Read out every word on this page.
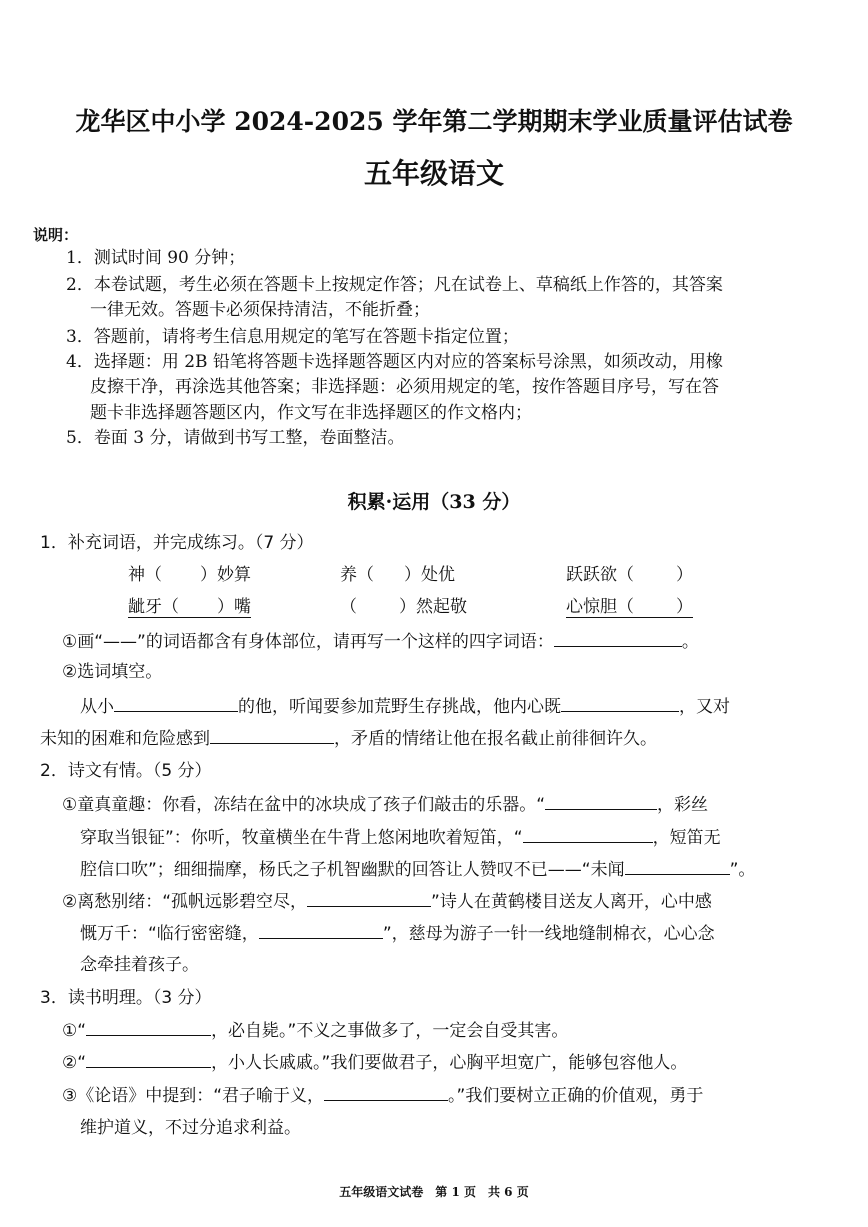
龙华区中小学 2024-2025 学年第二学期期末学业质量评估试卷
五年级语文
说明：
1．测试时间 90 分钟；
2．本卷试题，考生必须在答题卡上按规定作答；凡在试卷上、草稿纸上作答的，其答案
一律无效。答题卡必须保持清洁，不能折叠；
3．答题前，请将考生信息用规定的笔写在答题卡指定位置；
4．选择题：用 2B 铅笔将答题卡选择题答题区内对应的答案标号涂黑，如须改动，用橡
皮擦干净，再涂选其他答案；非选择题：必须用规定的笔，按作答题目序号，写在答
题卡非选择题答题区内，作文写在非选择题区的作文格内；
5．卷面 3 分，请做到书写工整，卷面整洁。
积累·运用（33 分）
1．补充词语，并完成练习。（7 分）
神（ ）妙算	养（ ）处优	跃跃欲（ ）
龇牙（ ）嘴	（ ）然起敬	心惊胆（ ）
①画“——”的词语都含有身体部位，请再写一个这样的四字词语：	。
②选词填空。
从小	的他，听闻要参加荒野生存挑战，他内心既	，又对
未知的困难和危险感到	，矛盾的情绪让他在报名截止前徘徊许久。
2．诗文有情。（5 分）
①童真童趣：你看，冻结在盆中的冰块成了孩子们敲击的乐器。“	，彩丝
穿取当银钲”：你听，牧童横坐在牛背上悠闲地吹着短笛，“	，短笛无
腔信口吹”；细细揣摩，杨氏之子机智幽默的回答让人赞叹不已——“未闻	”。
②离愁别绪：“孤帆远影碧空尽，	”诗人在黄鹤楼目送友人离开，心中感
慨万千：“临行密密缝，	”，慈母为游子一针一线地缝制棉衣，心心念
念牵挂着孩子。
3．读书明理。（3 分）
①“	，必自毙。”不义之事做多了，一定会自受其害。
②“	，小人长戚戚。”我们要做君子，心胸平坦宽广，能够包容他人。
③《论语》中提到：“君子喻于义，	。”我们要树立正确的价值观，勇于
维护道义，不过分追求利益。
五年级语文试卷　第 1 页　共 6 页
